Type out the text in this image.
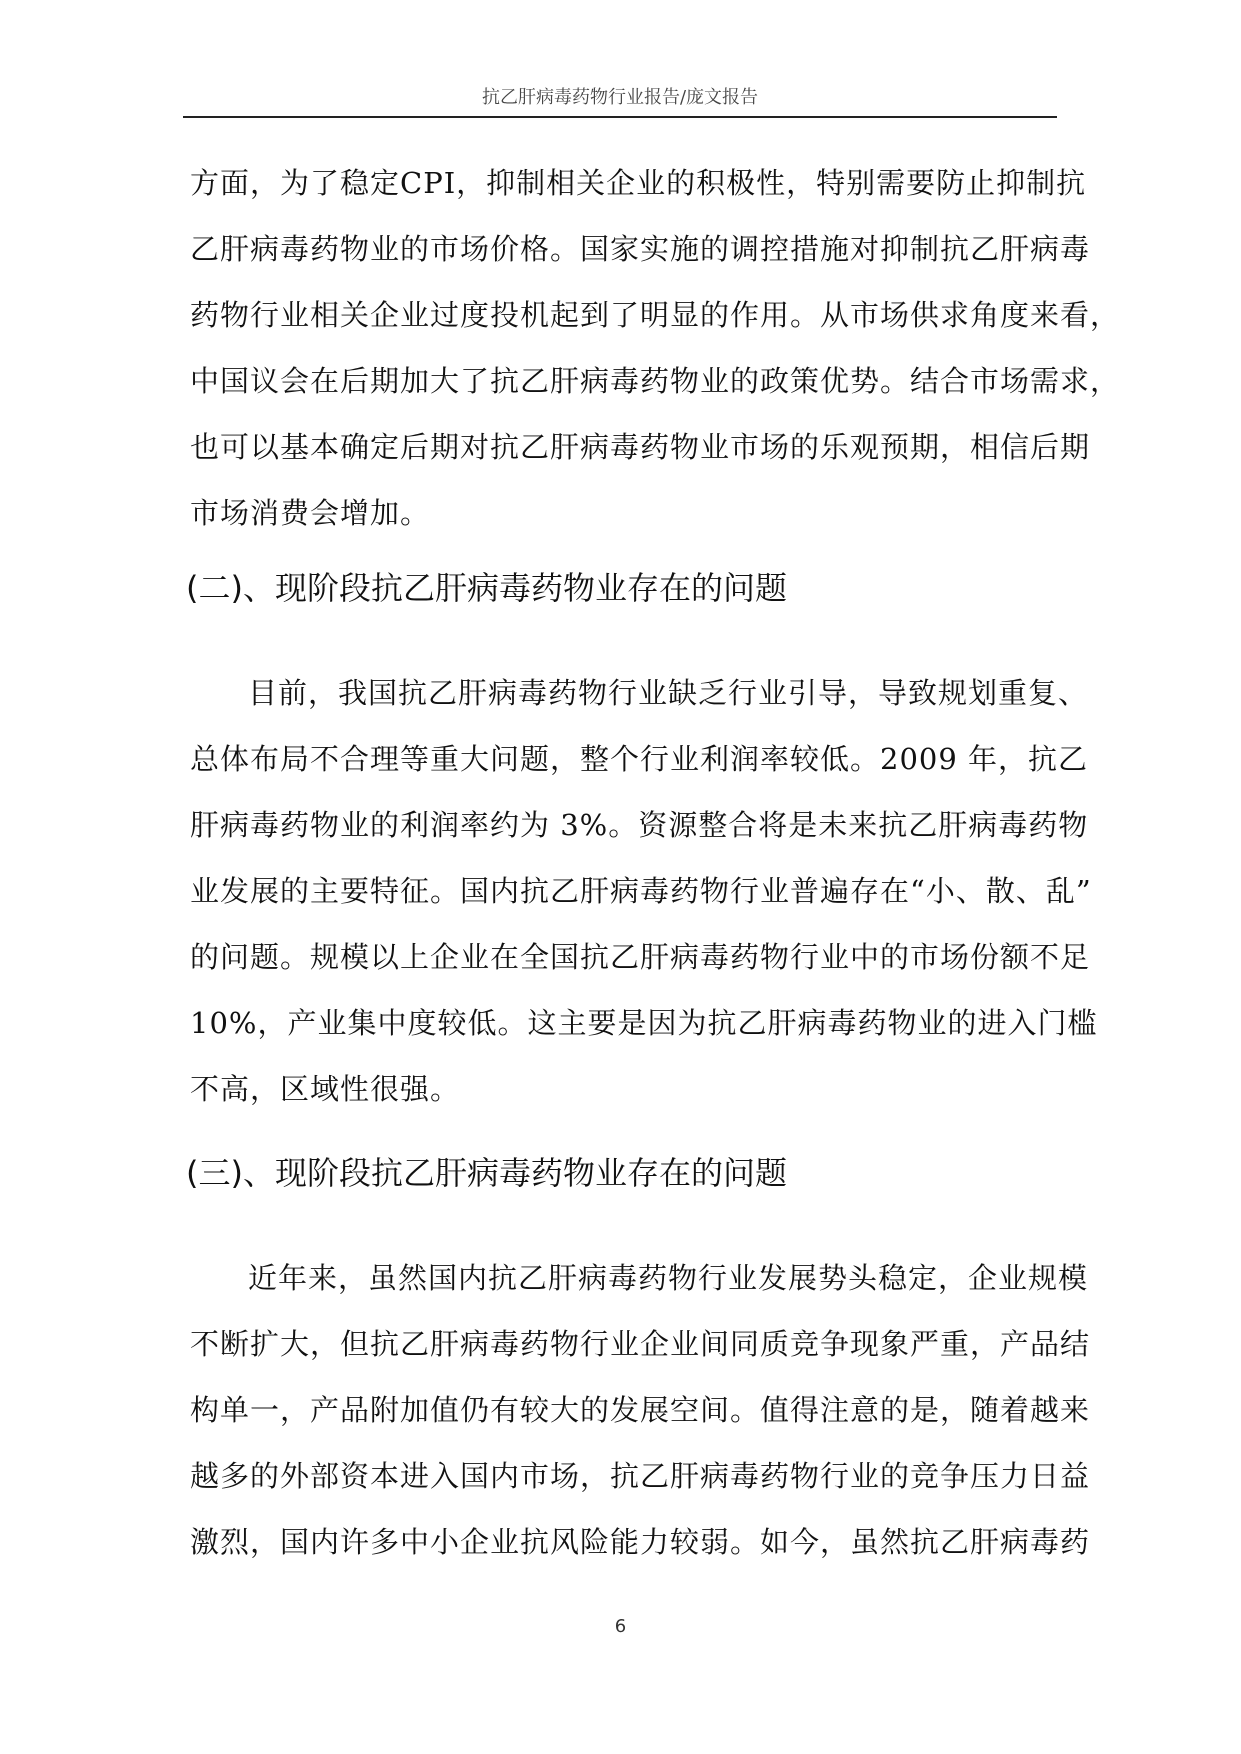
抗乙肝病毒药物行业报告/庞文报告
方面，为了稳定CPI，抑制相关企业的积极性，特别需要防止抑制抗
乙肝病毒药物业的市场价格。国家实施的调控措施对抑制抗乙肝病毒
药物行业相关企业过度投机起到了明显的作用。从市场供求角度来看，
中国议会在后期加大了抗乙肝病毒药物业的政策优势。结合市场需求，
也可以基本确定后期对抗乙肝病毒药物业市场的乐观预期，相信后期
市场消费会增加。
(二)、现阶段抗乙肝病毒药物业存在的问题
目前，我国抗乙肝病毒药物行业缺乏行业引导，导致规划重复、
总体布局不合理等重大问题，整个行业利润率较低。2009 年，抗乙
肝病毒药物业的利润率约为 3%。资源整合将是未来抗乙肝病毒药物
业发展的主要特征。国内抗乙肝病毒药物行业普遍存在“小、散、乱”
的问题。规模以上企业在全国抗乙肝病毒药物行业中的市场份额不足
10%，产业集中度较低。这主要是因为抗乙肝病毒药物业的进入门槛
不高，区域性很强。
(三)、现阶段抗乙肝病毒药物业存在的问题
近年来，虽然国内抗乙肝病毒药物行业发展势头稳定，企业规模
不断扩大，但抗乙肝病毒药物行业企业间同质竞争现象严重，产品结
构单一，产品附加值仍有较大的发展空间。值得注意的是，随着越来
越多的外部资本进入国内市场，抗乙肝病毒药物行业的竞争压力日益
激烈，国内许多中小企业抗风险能力较弱。如今，虽然抗乙肝病毒药
6
